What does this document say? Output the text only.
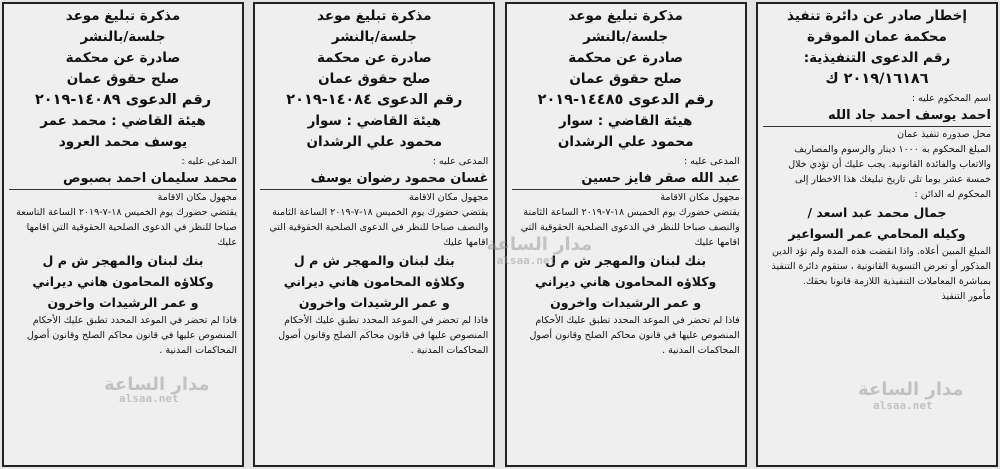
مذكرة تبليغ موعد
جلسة/بالنشر
صادرة عن محكمة
صلح حقوق عمان
رقم الدعوى ١٤٠٨٩-٢٠١٩
هيئة القاضي : محمد عمر
يوسف محمد العرود
المدعى عليه :
محمد سليمان احمد بصبوص
مجهول مكان الاقامة
يقتضي حضورك يوم الخميس ١٨-٧-٢٠١٩ الساعة التاسعة صباحا للنظر في الدعوى الصلحية الحقوقية التي اقامها عليك
بنك لبنان والمهجر ش م ل
وكلاؤه المحامون هاني ديراني
و عمر الرشيدات واخرون
فاذا لم تحضر في الموعد المحدد تطبق عليك الأحكام المنصوص عليها في قانون محاكم الصلح وقانون أصول المحاكمات المدنية .
مدار الساعة
alsaa.net
مذكرة تبليغ موعد
جلسة/بالنشر
صادرة عن محكمة
صلح حقوق عمان
رقم الدعوى ١٤٠٨٤-٢٠١٩
هيئة القاضي : سوار
محمود علي الرشدان
المدعى عليه :
غسان محمود رضوان يوسف
مجهول مكان الاقامة
يقتضي حضورك يوم الخميس ١٨-٧-٢٠١٩ الساعة الثامنة والنصف صباحا للنظر في الدعوى الصلحية الحقوقية التي اقامها عليك
بنك لبنان والمهجر ش م ل
وكلاؤه المحامون هاني ديراني
و عمر الرشيدات واخرون
فاذا لم تحضر في الموعد المحدد تطبق عليك الأحكام المنصوص عليها في قانون محاكم الصلح وقانون أصول المحاكمات المدنية .
مذكرة تبليغ موعد
جلسة/بالنشر
صادرة عن محكمة
صلح حقوق عمان
رقم الدعوى ١٤٤٨٥-٢٠١٩
هيئة القاضي : سوار
محمود علي الرشدان
المدعى عليه :
عبد الله صقر فايز حسين
مجهول مكان الاقامة
يقتضي حضورك يوم الخميس ١٨-٧-٢٠١٩ الساعة الثامنة والنصف صباحا للنظر في الدعوى الصلحية الحقوقية التي اقامها عليك
بنك لبنان والمهجر ش م ل
وكلاؤه المحامون هاني ديراني
و عمر الرشيدات واخرون
فاذا لم تحضر في الموعد المحدد تطبق عليك الأحكام المنصوص عليها في قانون محاكم الصلح وقانون أصول المحاكمات المدنية .
مدار الساعة
alsaa.net
إخطار صادر عن دائرة تنفيذ
محكمة عمان الموقرة
رقم الدعوى التنفيذية:
٢٠١٩/١٦١٨٦ ك
اسم المحكوم عليه :
احمد يوسف احمد جاد الله
محل صدوره تنفيذ عمان
المبلغ المحكوم به ١٠٠٠ دينار والرسوم والمصاريف والاتعاب والفائدة القانونية. يجب عليك أن تؤدي خلال خمسة عشر يوما تلي تاريخ تبليغك هذا الاخطار إلى المحكوم له الدائن :
جمال محمد عبد اسعد /
وكيله المحامي عمر السواعير
المبلغ المبين أعلاه. واذا انقضت هذه المدة ولم تؤد الدين المذكور أو تعرض التسوية القانونية ، ستقوم دائرة التنفيذ بمباشرة المعاملات التنفيذية اللازمة قانونا بحقك.
مأمور التنفيذ
مدار الساعة
alsaa.net
